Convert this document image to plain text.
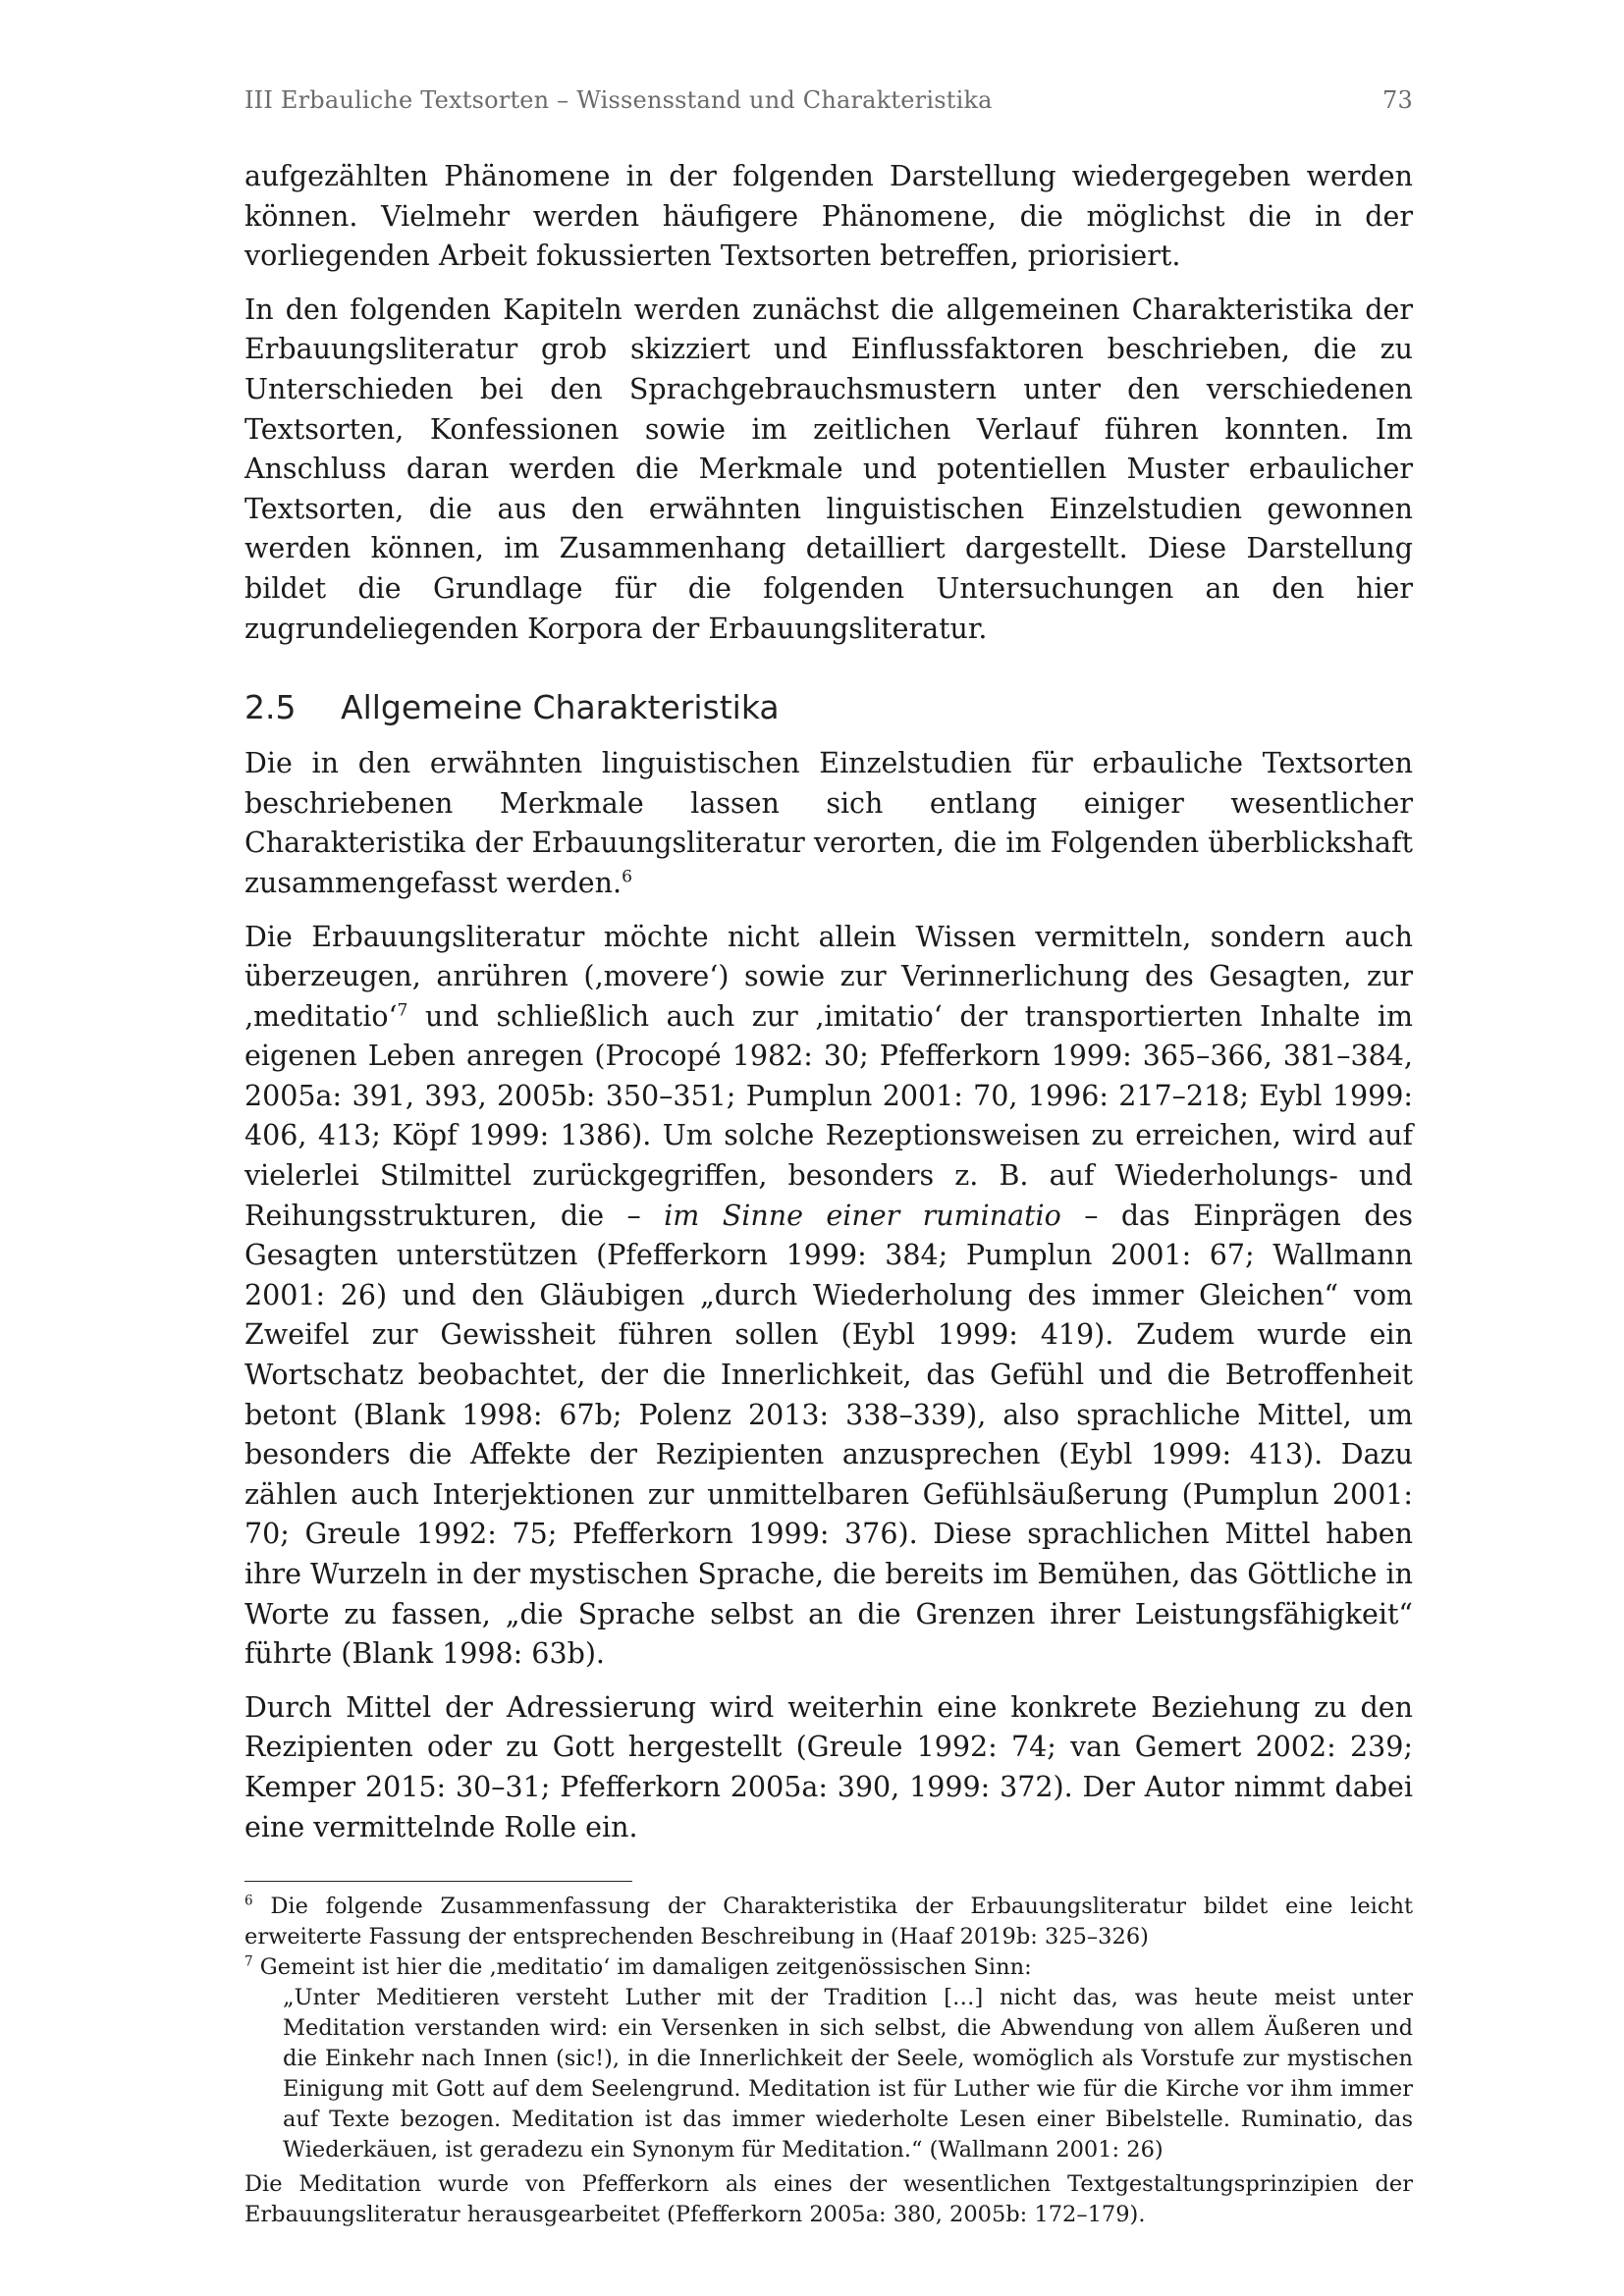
III Erbauliche Textsorten – Wissensstand und Charakteristika	73

aufgezählten Phänomene in der folgenden Darstellung wiedergegeben werden können. Vielmehr werden häufigere Phänomene, die möglichst die in der vorliegenden Arbeit fokussierten Textsorten betreffen, priorisiert.

In den folgenden Kapiteln werden zunächst die allgemeinen Charakteristika der Erbauungsliteratur grob skizziert und Einflussfaktoren beschrieben, die zu Unterschieden bei den Sprachgebrauchsmustern unter den verschiedenen Textsorten, Konfessionen sowie im zeitlichen Verlauf führen konnten. Im Anschluss daran werden die Merkmale und potentiellen Muster erbaulicher Textsorten, die aus den erwähnten linguistischen Einzelstudien gewonnen werden können, im Zusammenhang detailliert dargestellt. Diese Darstellung bildet die Grundlage für die folgenden Untersuchungen an den hier zugrundeliegenden Korpora der Erbauungsliteratur.

2.5	Allgemeine Charakteristika

Die in den erwähnten linguistischen Einzelstudien für erbauliche Textsorten beschriebenen Merkmale lassen sich entlang einiger wesentlicher Charakteristika der Erbauungsliteratur verorten, die im Folgenden überblickshaft zusammengefasst werden.$^6$

Die Erbauungsliteratur möchte nicht allein Wissen vermitteln, sondern auch überzeugen, anrühren (‚movere‘) sowie zur Verinnerlichung des Gesagten, zur ‚meditatio‘$^7$ und schließlich auch zur ‚imitatio‘ der transportierten Inhalte im eigenen Leben anregen (Procopé 1982: 30; Pfefferkorn 1999: 365–366, 381–384, 2005a: 391, 393, 2005b: 350–351; Pumplun 2001: 70, 1996: 217–218; Eybl 1999: 406, 413; Köpf 1999: 1386). Um solche Rezeptionsweisen zu erreichen, wird auf vielerlei Stilmittel zurückgegriffen, besonders z. B. auf Wiederholungs- und Reihungsstrukturen, die – im Sinne einer ruminatio – das Einprägen des Gesagten unterstützen (Pfefferkorn 1999: 384; Pumplun 2001: 67; Wallmann 2001: 26) und den Gläubigen „durch Wiederholung des immer Gleichen“ vom Zweifel zur Gewissheit führen sollen (Eybl 1999: 419). Zudem wurde ein Wortschatz beobachtet, der die Innerlichkeit, das Gefühl und die Betroffenheit betont (Blank 1998: 67b; Polenz 2013: 338–339), also sprachliche Mittel, um besonders die Affekte der Rezipienten anzusprechen (Eybl 1999: 413). Dazu zählen auch Interjektionen zur unmittelbaren Gefühlsäußerung (Pumplun 2001: 70; Greule 1992: 75; Pfefferkorn 1999: 376). Diese sprachlichen Mittel haben ihre Wurzeln in der mystischen Sprache, die bereits im Bemühen, das Göttliche in Worte zu fassen, „die Sprache selbst an die Grenzen ihrer Leistungsfähigkeit“ führte (Blank 1998: 63b).

Durch Mittel der Adressierung wird weiterhin eine konkrete Beziehung zu den Rezipienten oder zu Gott hergestellt (Greule 1992: 74; van Gemert 2002: 239; Kemper 2015: 30–31; Pfefferkorn 2005a: 390, 1999: 372). Der Autor nimmt dabei eine vermittelnde Rolle ein.

$^6$ Die folgende Zusammenfassung der Charakteristika der Erbauungsliteratur bildet eine leicht erweiterte Fassung der entsprechenden Beschreibung in (Haaf 2019b: 325–326)

$^7$ Gemeint ist hier die ‚meditatio‘ im damaligen zeitgenössischen Sinn:

„Unter Meditieren versteht Luther mit der Tradition […] nicht das, was heute meist unter Meditation verstanden wird: ein Versenken in sich selbst, die Abwendung von allem Äußeren und die Einkehr nach Innen (sic!), in die Innerlichkeit der Seele, womöglich als Vorstufe zur mystischen Einigung mit Gott auf dem Seelengrund. Meditation ist für Luther wie für die Kirche vor ihm immer auf Texte bezogen. Meditation ist das immer wiederholte Lesen einer Bibelstelle. Ruminatio, das Wiederkäuen, ist geradezu ein Synonym für Meditation.“ (Wallmann 2001: 26)

Die Meditation wurde von Pfefferkorn als eines der wesentlichen Textgestaltungsprinzipien der Erbauungsliteratur herausgearbeitet (Pfefferkorn 2005a: 380, 2005b: 172–179).
